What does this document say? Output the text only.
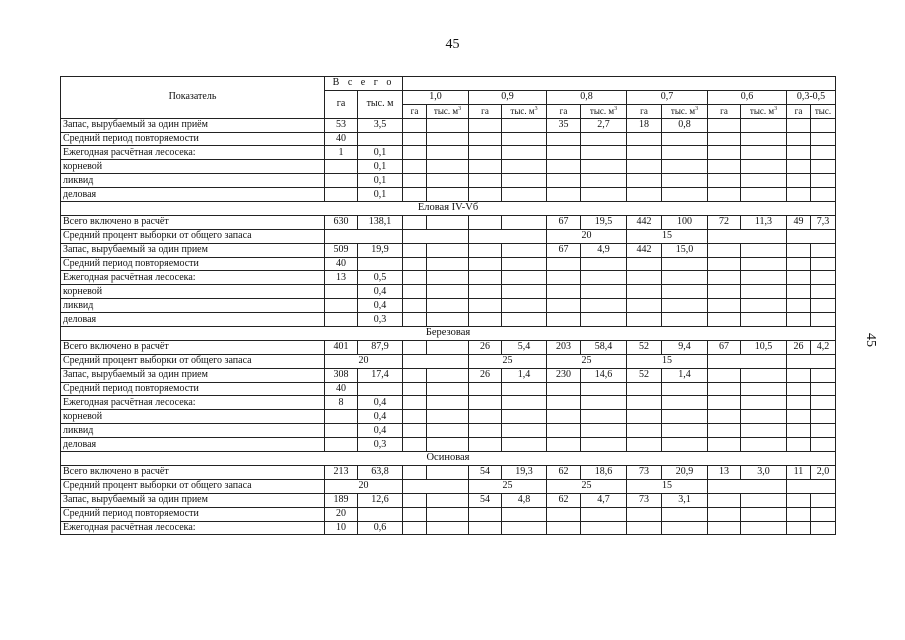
45
45
Показатель	В с е г о													
	га	тыс. м	1,0		0,9		0,8		0,7		0,6		0,3-0,5	
			га	тыс. $м^3$	га	тыс. $м^3$	га	тыс. $м^3$	га	тыс. $м^3$	га	тыс. $м^3$	га	тыс.
Запас, вырубаемый за один приём	53	3,5					35	2,7	18	0,8				
Средний период повторяемости	40													
Ежегодная расчётная лесосека:	1	0,1												
корневой		0,1												
ликвид		0,1												
деловая		0,1												
Еловая IV-Vб														
Всего включено в расчёт	630	138,1					67	19,5	442	100	72	11,3	49	7,3
Средний процент выборки от общего запаса							20		15					
Запас, вырубаемый за один прием	509	19,9					67	4,9	442	15,0				
Средний период повторяемости	40													
Ежегодная расчётная лесосека:	13	0,5												
корневой		0,4												
ликвид		0,4												
деловая		0,3												
Березовая														
Всего включено в расчёт	401	87,9			26	5,4	203	58,4	52	9,4	67	10,5	26	4,2
Средний процент выборки от общего запаса	20				25		25		15					
Запас, вырубаемый за один прием	308	17,4			26	1,4	230	14,6	52	1,4				
Средний период повторяемости	40													
Ежегодная расчётная лесосека:	8	0,4												
корневой		0,4												
ликвид		0,4												
деловая		0,3												
Осиновая														
Всего включено в расчёт	213	63,8			54	19,3	62	18,6	73	20,9	13	3,0	11	2,0
Средний процент выборки от общего запаса	20				25		25		15					
Запас, вырубаемый за один прием	189	12,6			54	4,8	62	4,7	73	3,1				
Средний период повторяемости	20													
Ежегодная расчётная лесосека:	10	0,6												
